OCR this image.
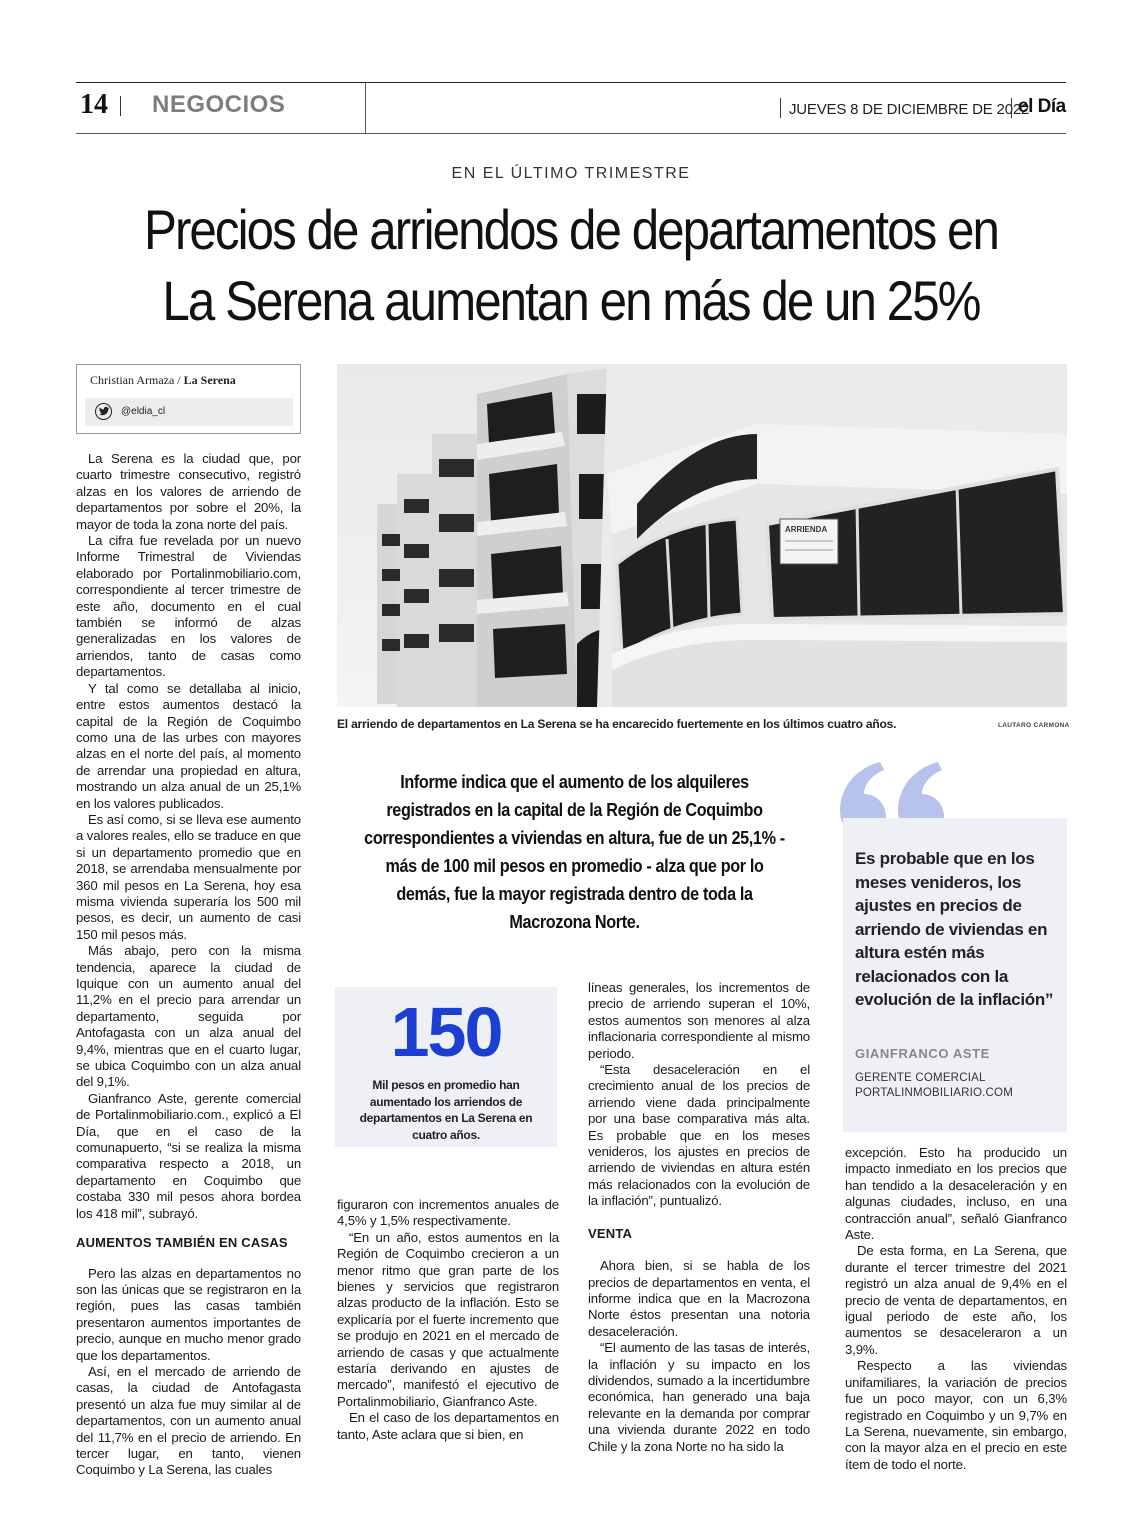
14 NEGOCIOS	JUEVES 8 DE DICIEMBRE DE 2022
el Día
EN EL ÚLTIMO TRIMESTRE
Precios de arriendos de departamentos en
La Serena aumentan en más de un 25%
Christian Armaza / La Serena
@eldia_cl
ARRIENDA
El arriendo de departamentos en La Serena se ha encarecido fuertemente en los últimos cuatro años.	LAUTARO CARMONA

La Serena es la ciudad que, por cuarto trimestre consecutivo, registró alzas en los valores de arriendo de departamentos por sobre el 20%, la mayor de toda la zona norte del país.

La cifra fue revelada por un nuevo Informe Trimestral de Viviendas elaborado por Portalinmobiliario.com, correspondiente al tercer trimestre de este año, documento en el cual también se informó de alzas generalizadas en los valores de arriendos, tanto de casas como departamentos.

Y tal como se detallaba al inicio, entre estos aumentos destacó la capital de la Región de Coquimbo como una de las urbes con mayores alzas en el norte del país, al momento de arrendar una propiedad en altura, mostrando un alza anual de un 25,1% en los valores publicados.

Es así como, si se lleva ese aumento a valores reales, ello se traduce en que si un departamento promedio que en 2018, se arrendaba mensualmente por 360 mil pesos en La Serena, hoy esa misma vivienda superaría los 500 mil pesos, es decir, un aumento de casi 150 mil pesos más.

Más abajo, pero con la misma tendencia, aparece la ciudad de Iquique con un aumento anual del 11,2% en el precio para arrendar un departamento, seguida por Antofagasta con un alza anual del 9,4%, mientras que en el cuarto lugar, se ubica Coquimbo con un alza anual del 9,1%.

Gianfranco Aste, gerente comercial de Portalinmobiliario.com., explicó a El Día, que en el caso de la comunapuerto, “si se realiza la misma comparativa respecto a 2018, un departamento en Coquimbo que costaba 330 mil pesos ahora bordea los 418 mil”, subrayó.

AUMENTOS TAMBIÉN EN CASAS

Pero las alzas en departamentos no son las únicas que se registraron en la región, pues las casas también presentaron aumentos importantes de precio, aunque en mucho menor grado que los departamentos.

Así, en el mercado de arriendo de casas, la ciudad de Antofagasta presentó un alza fue muy similar al de departamentos, con un aumento anual del 11,7% en el precio de arriendo. En tercer lugar, en tanto, vienen Coquimbo y La Serena, las cuales

Informe indica que el aumento de los alquileres registrados en la capital de la Región de Coquimbo correspondientes a viviendas en altura, fue de un 25,1% - más de 100 mil pesos en promedio - alza que por lo demás, fue la mayor registrada dentro de toda la Macrozona Norte.
150
Mil pesos en promedio han aumentado los arriendos de departamentos en La Serena en cuatro años.

figuraron con incrementos anuales de 4,5% y 1,5% respectivamente.

“En un año, estos aumentos en la Región de Coquimbo crecieron a un menor ritmo que gran parte de los bienes y servicios que registraron alzas producto de la inflación. Esto se explicaría por el fuerte incremento que se produjo en 2021 en el mercado de arriendo de casas y que actualmente estaría derivando en ajustes de mercado”, manifestó el ejecutivo de Portalinmobiliario, Gianfranco Aste.

En el caso de los departamentos en tanto, Aste aclara que si bien, en

líneas generales, los incrementos de precio de arriendo superan el 10%, estos aumentos son menores al alza inflacionaria correspondiente al mismo periodo.

“Esta desaceleración en el crecimiento anual de los precios de arriendo viene dada principalmente por una base comparativa más alta. Es probable que en los meses venideros, los ajustes en precios de arriendo de viviendas en altura estén más relacionados con la evolución de la inflación”, puntualizó.

VENTA

Ahora bien, si se habla de los precios de departamentos en venta, el informe indica que en la Macrozona Norte éstos presentan una notoria desaceleración.

“El aumento de las tasas de interés, la inflación y su impacto en los dividendos, sumado a la incertidumbre económica, han generado una baja relevante en la demanda por comprar una vivienda durante 2022 en todo Chile y la zona Norte no ha sido la

Es probable que en los meses venideros, los ajustes en precios de arriendo de viviendas en altura estén más relacionados con la evolución de la inflación”
GIANFRANCO ASTE
GERENTE COMERCIAL PORTALINMOBILIARIO.COM

excepción. Esto ha producido un impacto inmediato en los precios que han tendido a la desaceleración y en algunas ciudades, incluso, en una contracción anual”, señaló Gianfranco Aste.

De esta forma, en La Serena, que durante el tercer trimestre del 2021 registró un alza anual de 9,4% en el precio de venta de departamentos, en igual periodo de este año, los aumentos se desaceleraron a un 3,9%.

Respecto a las viviendas unifamiliares, la variación de precios fue un poco mayor, con un 6,3% registrado en Coquimbo y un 9,7% en La Serena, nuevamente, sin embargo, con la mayor alza en el precio en este ítem de todo el norte.
